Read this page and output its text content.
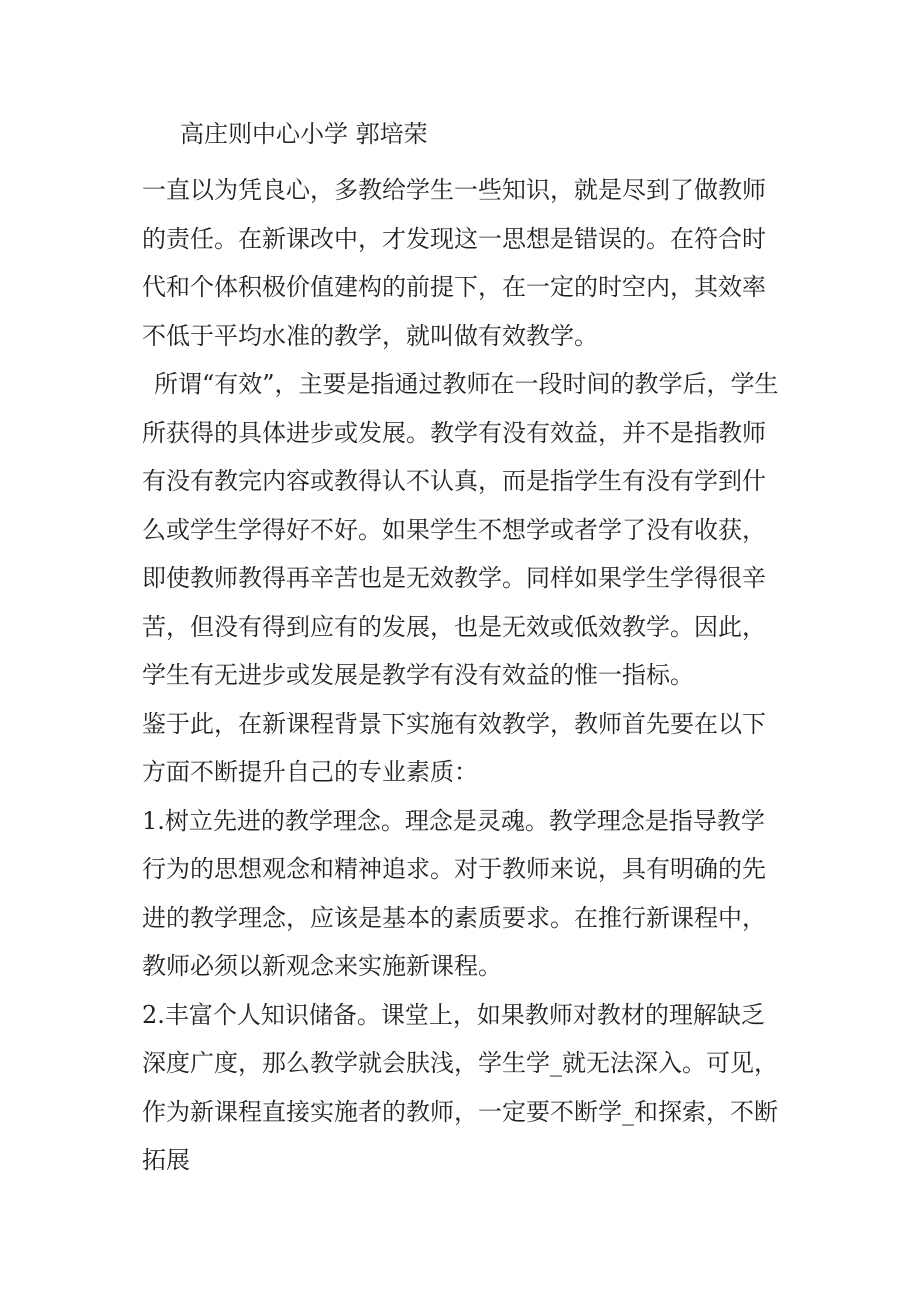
高庄则中心小学 郭培荣

一直以为凭良心，多教给学生一些知识，就是尽到了做教师的责任。在新课改中，才发现这一思想是错误的。在符合时代和个体积极价值建构的前提下，在一定的时空内，其效率不低于平均水准的教学，就叫做有效教学。

所谓“有效”，主要是指通过教师在一段时间的教学后，学生所获得的具体进步或发展。教学有没有效益，并不是指教师有没有教完内容或教得认不认真，而是指学生有没有学到什么或学生学得好不好。如果学生不想学或者学了没有收获，即使教师教得再辛苦也是无效教学。同样如果学生学得很辛苦，但没有得到应有的发展，也是无效或低效教学。因此，学生有无进步或发展是教学有没有效益的惟一指标。

鉴于此，在新课程背景下实施有效教学，教师首先要在以下方面不断提升自己的专业素质：

1.树立先进的教学理念。理念是灵魂。教学理念是指导教学行为的思想观念和精神追求。对于教师来说，具有明确的先进的教学理念，应该是基本的素质要求。在推行新课程中，教师必须以新观念来实施新课程。

2.丰富个人知识储备。课堂上，如果教师对教材的理解缺乏深度广度，那么教学就会肤浅，学生学_就无法深入。可见，作为新课程直接实施者的教师，一定要不断学_和探索，不断拓展
